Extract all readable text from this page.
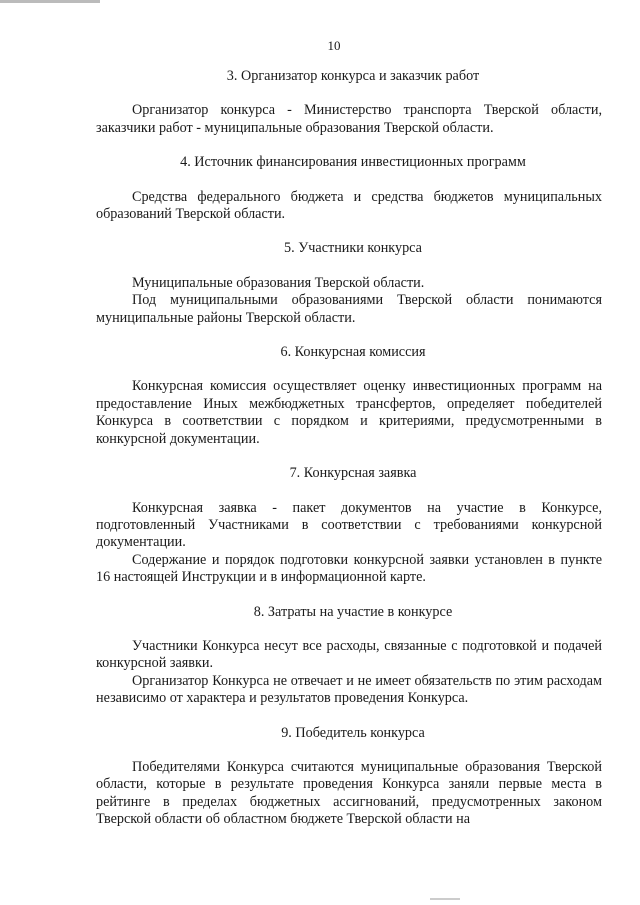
10

3. Организатор конкурса и заказчик работ

Организатор конкурса - Министерство транспорта Тверской области, заказчики работ - муниципальные образования Тверской области.

4. Источник финансирования инвестиционных программ

Средства федерального бюджета и средства бюджетов муниципальных образований Тверской области.

5. Участники конкурса

Муниципальные образования Тверской области.

Под муниципальными образованиями Тверской области понимаются муниципальные районы Тверской области.

6. Конкурсная комиссия

Конкурсная комиссия осуществляет оценку инвестиционных программ на предоставление Иных межбюджетных трансфертов, определяет победителей Конкурса в соответствии с порядком и критериями, предусмотренными в конкурсной документации.

7. Конкурсная заявка

Конкурсная заявка - пакет документов на участие в Конкурсе, подготовленный Участниками в соответствии с требованиями конкурсной документации.

Содержание и порядок подготовки конкурсной заявки установлен в пункте 16 настоящей Инструкции и в информационной карте.

8. Затраты на участие в конкурсе

Участники Конкурса несут все расходы, связанные с подготовкой и подачей конкурсной заявки.

Организатор Конкурса не отвечает и не имеет обязательств по этим расходам независимо от характера и результатов проведения Конкурса.

9. Победитель конкурса

Победителями Конкурса считаются муниципальные образования Тверской области, которые в результате проведения Конкурса заняли первые места в рейтинге в пределах бюджетных ассигнований, предусмотренных законом Тверской области об областном бюджете Тверской области на
